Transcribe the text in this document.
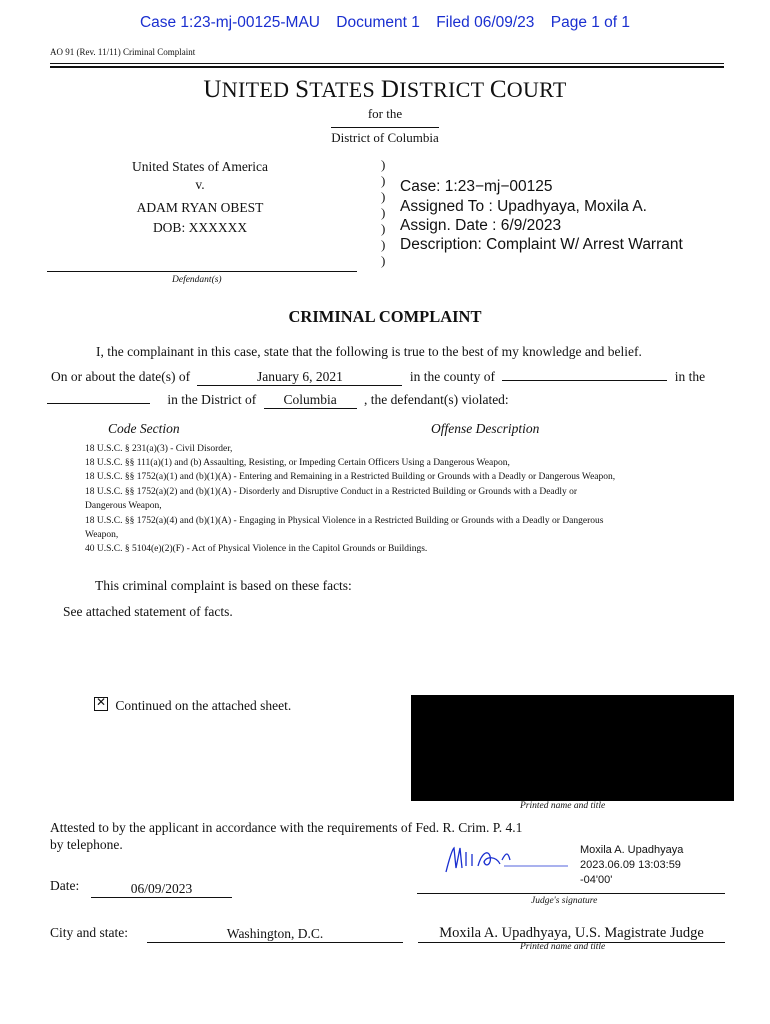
Case 1:23-mj-00125-MAU Document 1 Filed 06/09/23 Page 1 of 1
AO 91 (Rev. 11/11) Criminal Complaint
UNITED STATES DISTRICT COURT
for the
District of Columbia
United States of America
v.
ADAM RYAN OBEST
DOB: XXXXXX
Defendant(s)
)
)
)
)
)
)
)
Case: 1:23−mj−00125
Assigned To : Upadhyaya, Moxila A.
Assign. Date : 6/9/2023
Description: Complaint W/ Arrest Warrant
CRIMINAL COMPLAINT
I, the complainant in this case, state that the following is true to the best of my knowledge and belief.
On or about the date(s) of	January 6, 2021	in the county of	in the
in the District of Columbia , the defendant(s) violated:
Code Section	Offense Description
18 U.S.C. § 231(a)(3) - Civil Disorder,
18 U.S.C. §§ 111(a)(1) and (b) Assaulting, Resisting, or Impeding Certain Officers Using a Dangerous Weapon,
18 U.S.C. §§ 1752(a)(1) and (b)(1)(A) - Entering and Remaining in a Restricted Building or Grounds with a Deadly or Dangerous Weapon,
18 U.S.C. §§ 1752(a)(2) and (b)(1)(A) - Disorderly and Disruptive Conduct in a Restricted Building or Grounds with a Deadly or
Dangerous Weapon,
18 U.S.C. §§ 1752(a)(4) and (b)(1)(A) - Engaging in Physical Violence in a Restricted Building or Grounds with a Deadly or Dangerous
Weapon,
40 U.S.C. § 5104(e)(2)(F) - Act of Physical Violence in the Capitol Grounds or Buildings.
This criminal complaint is based on these facts:
See attached statement of facts.
✕ Continued on the attached sheet.
Printed name and title
Attested to by the applicant in accordance with the requirements of Fed. R. Crim. P. 4.1
by telephone.
Date:	06/09/2023
Moxila A. Upadhyaya
2023.06.09 13:03:59
-04'00'
Judge's signature
City and state:	Washington, D.C.	Moxila A. Upadhyaya, U.S. Magistrate Judge
Printed name and title
